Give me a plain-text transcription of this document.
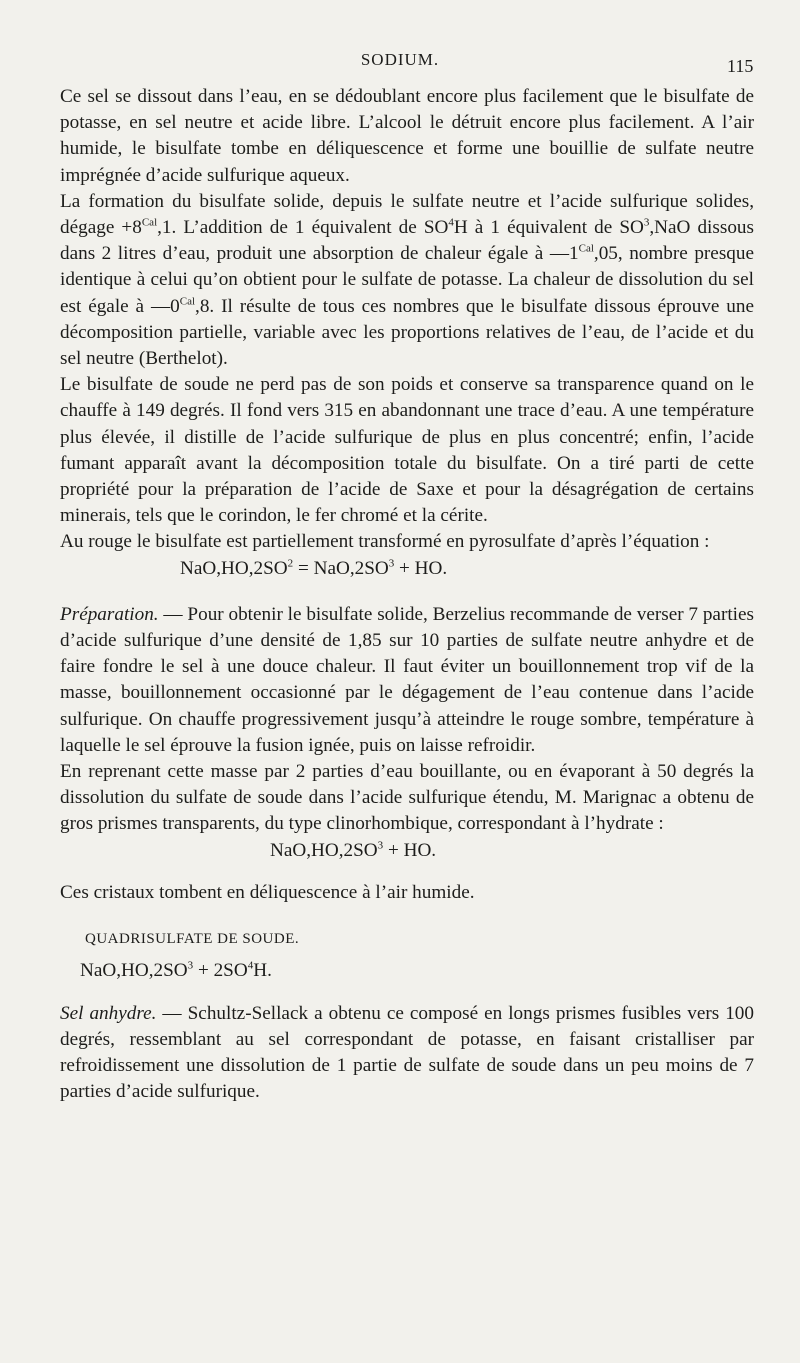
SODIUM.	115

Ce sel se dissout dans l’eau, en se dédoublant encore plus facilement que le bisulfate de potasse, en sel neutre et acide libre. L’alcool le détruit encore plus facilement. A l’air humide, le bisulfate tombe en déliquescence et forme une bouillie de sulfate neutre imprégnée d’acide sulfurique aqueux.

La formation du bisulfate solide, depuis le sulfate neutre et l’acide sulfurique solides, dégage $+8^{Cal},1$. L’addition de 1 équivalent de $SO^4H$ à 1 équivalent de $SO^3,NaO$ dissous dans 2 litres d’eau, produit une absorption de chaleur égale à $—1^{Cal},05$, nombre presque identique à celui qu’on obtient pour le sulfate de potasse. La chaleur de dissolution du sel est égale à $—0^{Cal},8$. Il résulte de tous ces nombres que le bisulfate dissous éprouve une décomposition partielle, variable avec les proportions relatives de l’eau, de l’acide et du sel neutre (Berthelot).

Le bisulfate de soude ne perd pas de son poids et conserve sa transparence quand on le chauffe à 149 degrés. Il fond vers 315 en abandonnant une trace d’eau. A une température plus élevée, il distille de l’acide sulfurique de plus en plus concentré; enfin, l’acide fumant apparaît avant la décomposition totale du bisulfate. On a tiré parti de cette propriété pour la préparation de l’acide de Saxe et pour la désagrégation de certains minerais, tels que le corindon, le fer chromé et la cérite.

Au rouge le bisulfate est partiellement transformé en pyrosulfate d’après l’équation :

$NaO,HO,2SO^2 = NaO,2SO^3$ + HO.

Préparation. — Pour obtenir le bisulfate solide, Berzelius recommande de verser 7 parties d’acide sulfurique d’une densité de 1,85 sur 10 parties de sulfate neutre anhydre et de faire fondre le sel à une douce chaleur. Il faut éviter un bouillonnement trop vif de la masse, bouillonnement occasionné par le dégagement de l’eau contenue dans l’acide sulfurique. On chauffe progressivement jusqu’à atteindre le rouge sombre, température à laquelle le sel éprouve la fusion ignée, puis on laisse refroidir.

En reprenant cette masse par 2 parties d’eau bouillante, ou en évaporant à 50 degrés la dissolution du sulfate de soude dans l’acide sulfurique étendu, M. Marignac a obtenu de gros prismes transparents, du type clinorhombique, correspondant à l’hydrate :

$NaO,HO,2SO^3$ + HO.

Ces cristaux tombent en déliquescence à l’air humide.

QUADRISULFATE DE SOUDE.

$NaO,HO,2SO^3 + 2SO^4H$.

Sel anhydre. — Schultz-Sellack a obtenu ce composé en longs prismes fusibles vers 100 degrés, ressemblant au sel correspondant de potasse, en faisant cristalliser par refroidissement une dissolution de 1 partie de sulfate de soude dans un peu moins de 7 parties d’acide sulfurique.
